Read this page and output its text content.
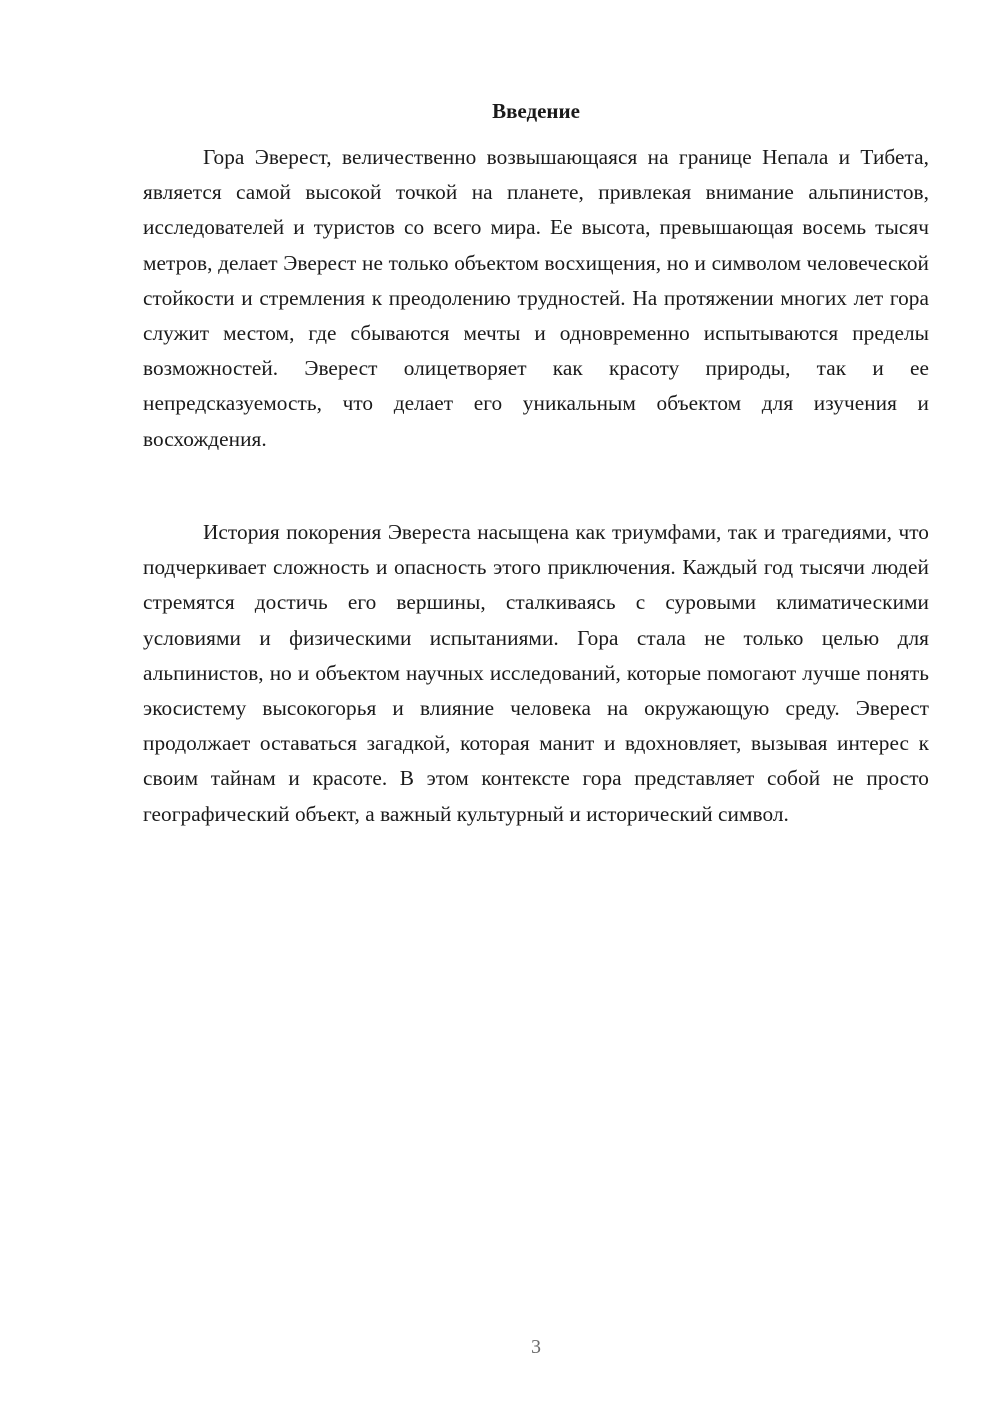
Введение

Гора Эверест, величественно возвышающаяся на границе Непала и Тибета, является самой высокой точкой на планете, привлекая внимание альпинистов, исследователей и туристов со всего мира. Ее высота, превышающая восемь тысяч метров, делает Эверест не только объектом восхищения, но и символом человеческой стойкости и стремления к преодолению трудностей. На протяжении многих лет гора служит местом, где сбываются мечты и одновременно испытываются пределы возможностей. Эверест олицетворяет как красоту природы, так и ее непредсказуемость, что делает его уникальным объектом для изучения и восхождения.

История покорения Эвереста насыщена как триумфами, так и трагедиями, что подчеркивает сложность и опасность этого приключения. Каждый год тысячи людей стремятся достичь его вершины, сталкиваясь с суровыми климатическими условиями и физическими испытаниями. Гора стала не только целью для альпинистов, но и объектом научных исследований, которые помогают лучше понять экосистему высокогорья и влияние человека на окружающую среду. Эверест продолжает оставаться загадкой, которая манит и вдохновляет, вызывая интерес к своим тайнам и красоте. В этом контексте гора представляет собой не просто географический объект, а важный культурный и исторический символ.

3
